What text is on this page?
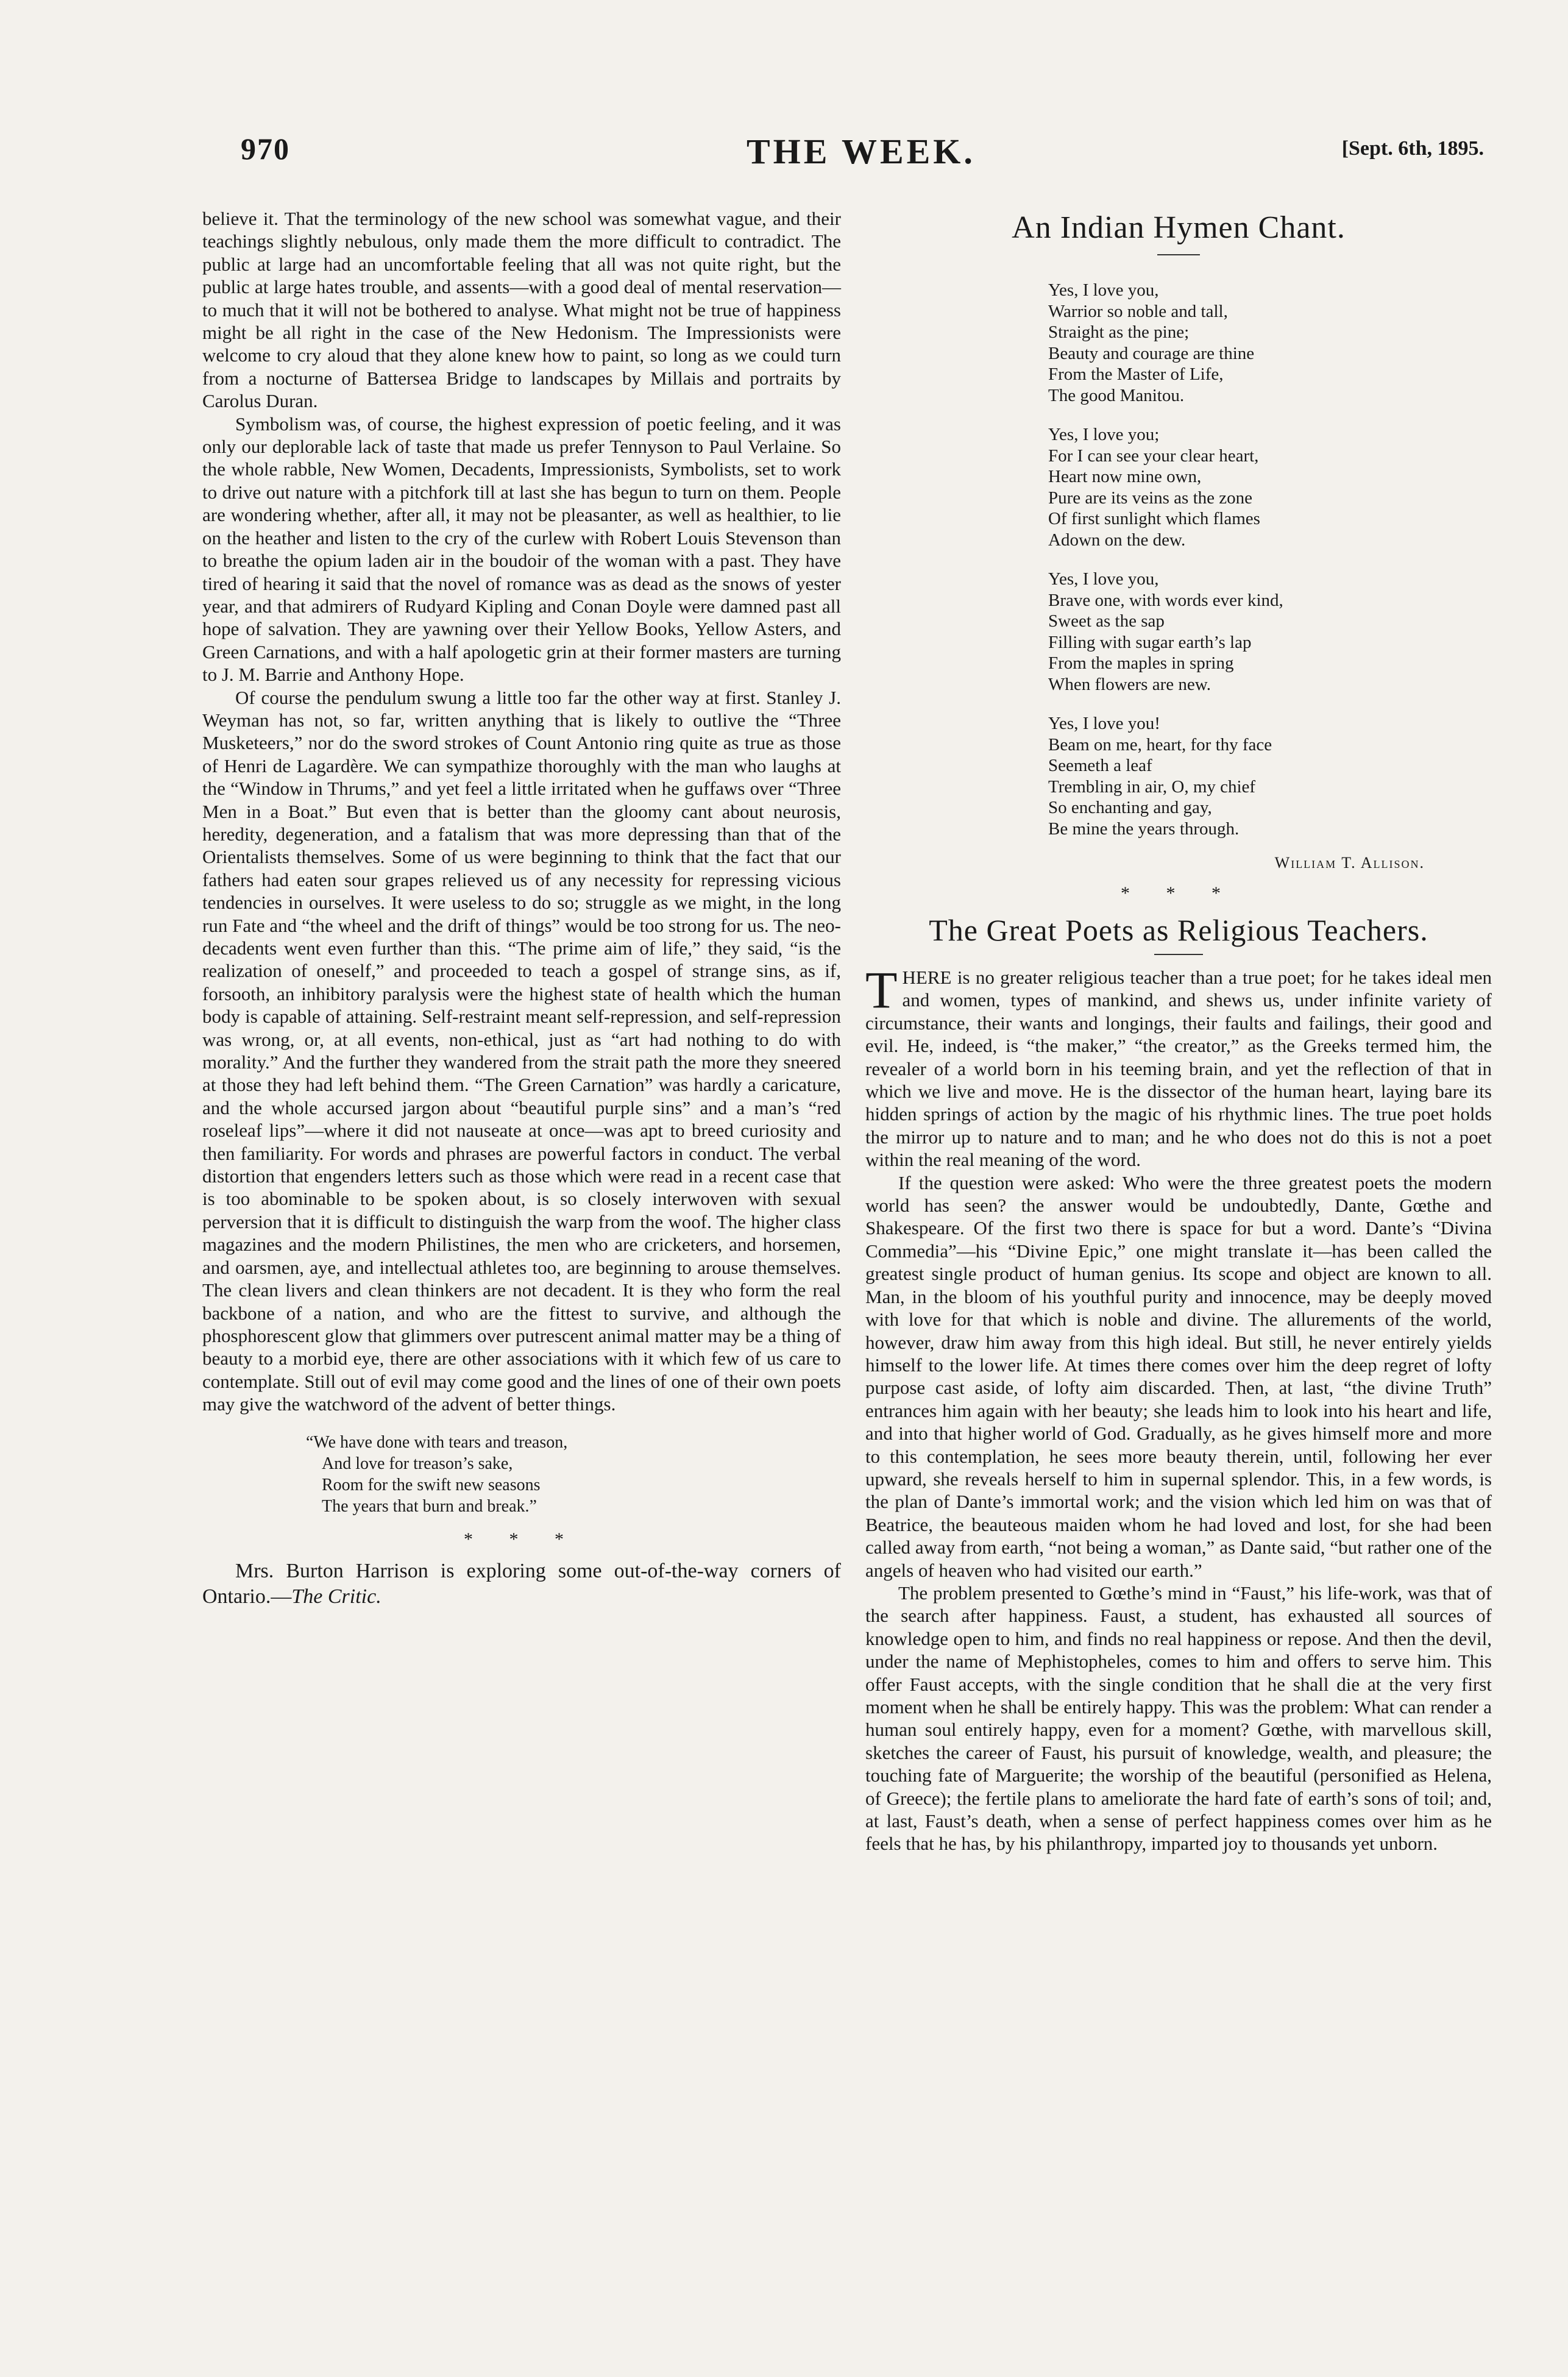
970	THE WEEK.	[Sept. 6th, 1895.

believe it. That the terminology of the new school was somewhat vague, and their teachings slightly nebulous, only made them the more difficult to contradict. The public at large had an uncomfortable feeling that all was not quite right, but the public at large hates trouble, and assents—with a good deal of mental reservation—to much that it will not be bothered to analyse. What might not be true of happiness might be all right in the case of the New Hedonism. The Impressionists were welcome to cry aloud that they alone knew how to paint, so long as we could turn from a nocturne of Battersea Bridge to landscapes by Millais and portraits by Carolus Duran.

Symbolism was, of course, the highest expression of poetic feeling, and it was only our deplorable lack of taste that made us prefer Tennyson to Paul Verlaine. So the whole rabble, New Women, Decadents, Impressionists, Symbolists, set to work to drive out nature with a pitchfork till at last she has begun to turn on them. People are wondering whether, after all, it may not be pleasanter, as well as healthier, to lie on the heather and listen to the cry of the curlew with Robert Louis Stevenson than to breathe the opium laden air in the boudoir of the woman with a past. They have tired of hearing it said that the novel of romance was as dead as the snows of yester year, and that admirers of Rudyard Kipling and Conan Doyle were damned past all hope of salvation. They are yawning over their Yellow Books, Yellow Asters, and Green Carnations, and with a half apologetic grin at their former masters are turning to J. M. Barrie and Anthony Hope.

Of course the pendulum swung a little too far the other way at first. Stanley J. Weyman has not, so far, written anything that is likely to outlive the “Three Musketeers,” nor do the sword strokes of Count Antonio ring quite as true as those of Henri de Lagardère. We can sympathize thoroughly with the man who laughs at the “Window in Thrums,” and yet feel a little irritated when he guffaws over “Three Men in a Boat.” But even that is better than the gloomy cant about neurosis, heredity, degeneration, and a fatalism that was more depressing than that of the Orientalists themselves. Some of us were beginning to think that the fact that our fathers had eaten sour grapes relieved us of any necessity for repressing vicious tendencies in ourselves. It were useless to do so; struggle as we might, in the long run Fate and “the wheel and the drift of things” would be too strong for us. The neo-decadents went even further than this. “The prime aim of life,” they said, “is the realization of oneself,” and proceeded to teach a gospel of strange sins, as if, forsooth, an inhibitory paralysis were the highest state of health which the human body is capable of attaining. Self-restraint meant self-repression, and self-repression was wrong, or, at all events, non-ethical, just as “art had nothing to do with morality.” And the further they wandered from the strait path the more they sneered at those they had left behind them. “The Green Carnation” was hardly a caricature, and the whole accursed jargon about “beautiful purple sins” and a man’s “red roseleaf lips”—where it did not nauseate at once—was apt to breed curiosity and then familiarity. For words and phrases are powerful factors in conduct. The verbal distortion that engenders letters such as those which were read in a recent case that is too abominable to be spoken about, is so closely interwoven with sexual perversion that it is difficult to distinguish the warp from the woof. The higher class magazines and the modern Philistines, the men who are cricketers, and horsemen, and oarsmen, aye, and intellectual athletes too, are beginning to arouse themselves. The clean livers and clean thinkers are not decadent. It is they who form the real backbone of a nation, and who are the fittest to survive, and although the phosphorescent glow that glimmers over putrescent animal matter may be a thing of beauty to a morbid eye, there are other associations with it which few of us care to contemplate. Still out of evil may come good and the lines of one of their own poets may give the watchword of the advent of better things.

“We have done with tears and treason,
And love for treason’s sake,
Room for the swift new seasons
The years that burn and break.”
* * *

Mrs. Burton Harrison is exploring some out-of-the-way corners of Ontario.—The Critic.

An Indian Hymen Chant.
Yes, I love you,
Warrior so noble and tall,
Straight as the pine;
Beauty and courage are thine
From the Master of Life,
The good Manitou.
Yes, I love you;
For I can see your clear heart,
Heart now mine own,
Pure are its veins as the zone
Of first sunlight which flames
Adown on the dew.
Yes, I love you,
Brave one, with words ever kind,
Sweet as the sap
Filling with sugar earth’s lap
From the maples in spring
When flowers are new.
Yes, I love you!
Beam on me, heart, for thy face
Seemeth a leaf
Trembling in air, O, my chief
So enchanting and gay,
Be mine the years through.
William T. Allison.
* * *
The Great Poets as Religious Teachers.

THERE is no greater religious teacher than a true poet; for he takes ideal men and women, types of mankind, and shews us, under infinite variety of circumstance, their wants and longings, their faults and failings, their good and evil. He, indeed, is “the maker,” “the creator,” as the Greeks termed him, the revealer of a world born in his teeming brain, and yet the reflection of that in which we live and move. He is the dissector of the human heart, laying bare its hidden springs of action by the magic of his rhythmic lines. The true poet holds the mirror up to nature and to man; and he who does not do this is not a poet within the real meaning of the word.

If the question were asked: Who were the three greatest poets the modern world has seen? the answer would be undoubtedly, Dante, Gœthe and Shakespeare. Of the first two there is space for but a word. Dante’s “Divina Commedia”—his “Divine Epic,” one might translate it—has been called the greatest single product of human genius. Its scope and object are known to all. Man, in the bloom of his youthful purity and innocence, may be deeply moved with love for that which is noble and divine. The allurements of the world, however, draw him away from this high ideal. But still, he never entirely yields himself to the lower life. At times there comes over him the deep regret of lofty purpose cast aside, of lofty aim discarded. Then, at last, “the divine Truth” entrances him again with her beauty; she leads him to look into his heart and life, and into that higher world of God. Gradually, as he gives himself more and more to this contemplation, he sees more beauty therein, until, following her ever upward, she reveals herself to him in supernal splendor. This, in a few words, is the plan of Dante’s immortal work; and the vision which led him on was that of Beatrice, the beauteous maiden whom he had loved and lost, for she had been called away from earth, “not being a woman,” as Dante said, “but rather one of the angels of heaven who had visited our earth.”

The problem presented to Gœthe’s mind in “Faust,” his life-work, was that of the search after happiness. Faust, a student, has exhausted all sources of knowledge open to him, and finds no real happiness or repose. And then the devil, under the name of Mephistopheles, comes to him and offers to serve him. This offer Faust accepts, with the single condition that he shall die at the very first moment when he shall be entirely happy. This was the problem: What can render a human soul entirely happy, even for a moment? Gœthe, with marvellous skill, sketches the career of Faust, his pursuit of knowledge, wealth, and pleasure; the touching fate of Marguerite; the worship of the beautiful (personified as Helena, of Greece); the fertile plans to ameliorate the hard fate of earth’s sons of toil; and, at last, Faust’s death, when a sense of perfect happiness comes over him as he feels that he has, by his philanthropy, imparted joy to thousands yet unborn.
